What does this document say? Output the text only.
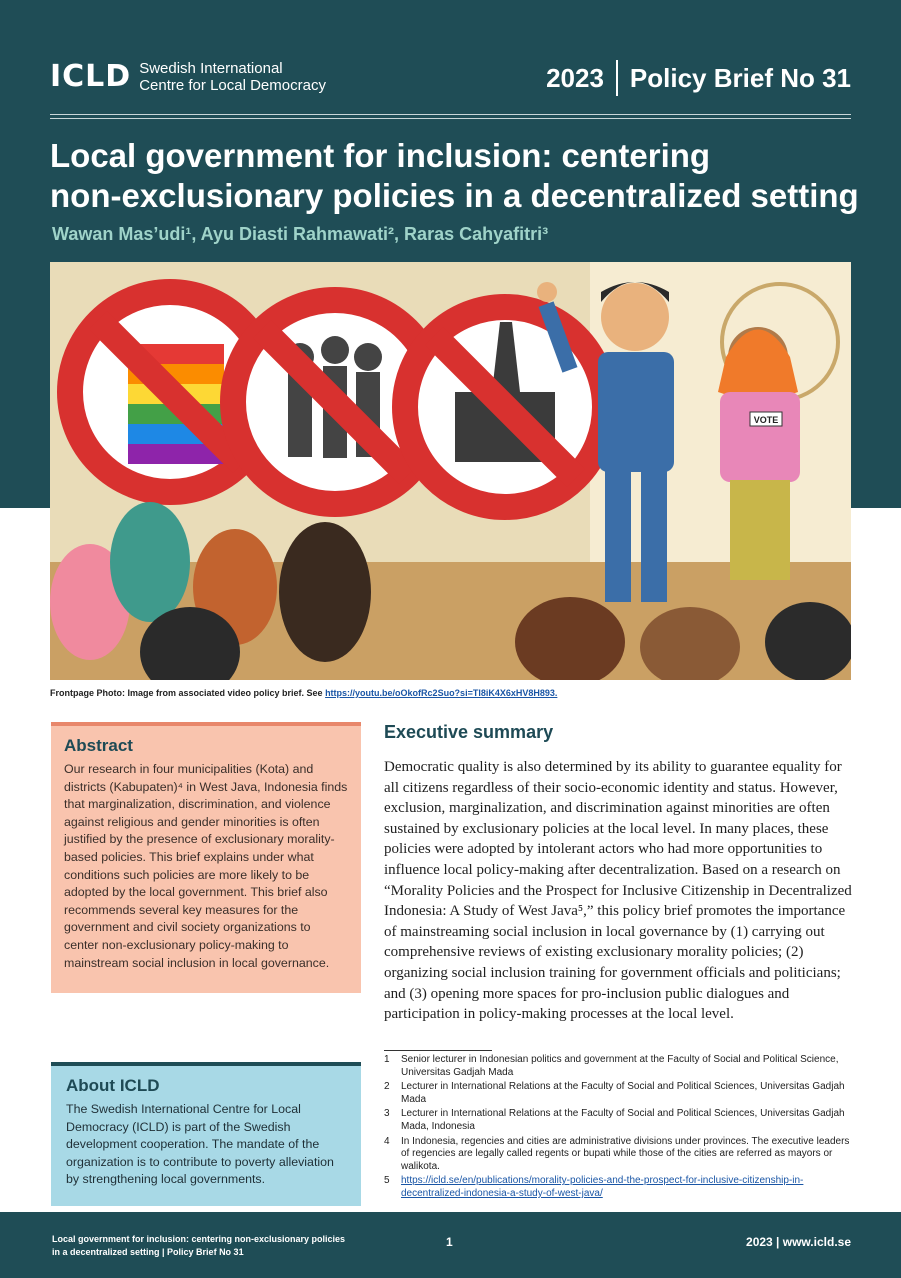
ICLD Swedish International
Centre for Local Democracy	2023 Policy Brief No 31
Local government for inclusion: centering
non-exclusionary policies in a decentralized setting
Wawan Mas’udi¹, Ayu Diasti Rahmawati², Raras Cahyafitri³
VOTE
Frontpage Photo: Image from associated video policy brief. See https://youtu.be/oOkofRc2Suo?si=Tl8iK4X6xHV8H893.
Abstract
Our research in four municipalities (Kota) and districts (Kabupaten)⁴ in West Java, Indonesia finds that marginalization, discrimination, and violence against religious and gender minorities is often justified by the presence of exclusionary morality-based policies. This brief explains under what conditions such policies are more likely to be adopted by the local government. This brief also recommends several key measures for the government and civil society organizations to center non-exclusionary policy-making to mainstream social inclusion in local governance.
About ICLD
The Swedish International Centre for Local Democracy (ICLD) is part of the Swedish development cooperation. The mandate of the organization is to contribute to poverty alleviation by strengthening local governments.
Executive summary
Democratic quality is also determined by its ability to guarantee equality for all citizens regardless of their socio-economic identity and status. However, exclusion, marginalization, and discrimination against minorities are often sustained by exclusionary policies at the local level. In many places, these policies were adopted by intolerant actors who had more opportunities to influence local policy-making after decentralization. Based on a research on “Morality Policies and the Prospect for Inclusive Citizenship in Decentralized Indonesia: A Study of West Java⁵,” this policy brief promotes the importance of mainstreaming social inclusion in local governance by (1) carrying out comprehensive reviews of existing exclusionary morality policies; (2) organizing social inclusion training for government officials and politicians; and (3) opening more spaces for pro-inclusion public dialogues and participation in policy-making processes at the local level.
1	Senior lecturer in Indonesian politics and government at the Faculty of Social and Political Science, Universitas Gadjah Mada
2	Lecturer in International Relations at the Faculty of Social and Political Sciences, Universitas Gadjah Mada
3	Lecturer in International Relations at the Faculty of Social and Political Sciences, Universitas Gadjah Mada, Indonesia
4	In Indonesia, regencies and cities are administrative divisions under provinces. The executive leaders of regencies are legally called regents or bupati while those of the cities are referred as mayors or walikota.
5	https://icld.se/en/publications/morality-policies-and-the-prospect-for-inclusive-citizenship-in-decentralized-indonesia-a-study-of-west-java/
Local government for inclusion: centering non-exclusionary policies
in a decentralized setting | Policy Brief No 31
1	2023 | www.icld.se
